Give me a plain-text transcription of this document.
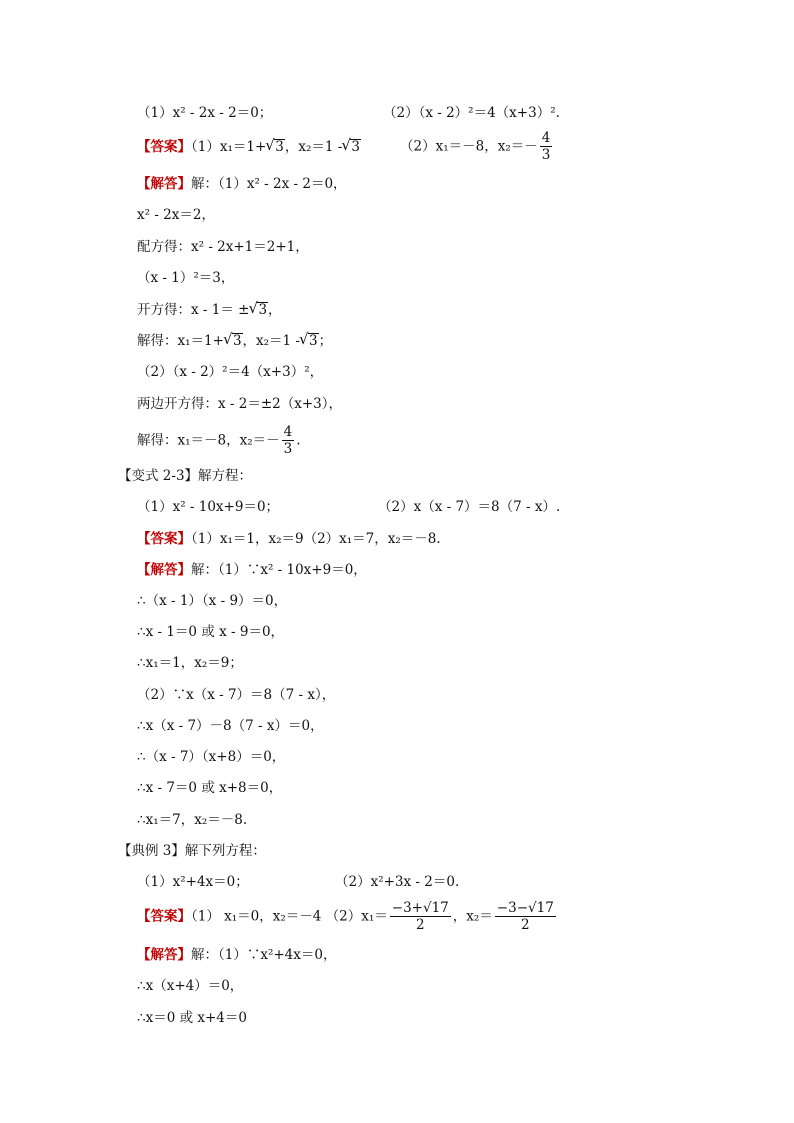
（1）x² - 2x - 2＝0；	（2）（x - 2）²＝4（x+3）².
【答案】（1）x₁＝1+ √ 3，x₂＝1 - √ 3	（2）x₁＝－8，$x_2=- \frac{4}{3}$
【解答】解：（1）x² - 2x - 2＝0，
x² - 2x＝2，
配方得：x² - 2x+1＝2+1，
（x - 1）²＝3，
开方得：x - 1＝ ± √ 3，
解得：x₁＝1+ √ 3，x₂＝1 - √ 3；
（2）（x - 2）²＝4（x+3）²，
两边开方得：x - 2＝±2（x+3），
解得：x₁＝－8，$x_2=- \frac{4}{3}$ .
【变式 2-3】解方程：
（1）x² - 10x+9＝0；	（2）x（x - 7）＝8（7 - x）.
【答案】（1）x₁＝1，x₂＝9（2）x₁＝7，x₂＝－8.
【解答】解：（1）∵x² - 10x+9＝0，
∴（x - 1）（x - 9）＝0，
∴x - 1＝0 或 x - 9＝0，
∴x₁＝1，x₂＝9；
（2）∵x（x - 7）＝8（7 - x），
∴x（x - 7）－8（7 - x）＝0，
∴（x - 7）（x+8）＝0，
∴x - 7＝0 或 x+8＝0，
∴x₁＝7，x₂＝－8.
【典例 3】解下列方程：
（1）x²+4x＝0；	（2）x²+3x - 2＝0.
【答案】（1） x₁＝0，x₂＝－4 $(2)x_1= \frac{-3+√17}{2}$ ，$x_2= \frac{-3-√17}{2}$
【解答】解：（1）∵x²+4x＝0，
∴x（x+4）＝0，
∴x＝0 或 x+4＝0
